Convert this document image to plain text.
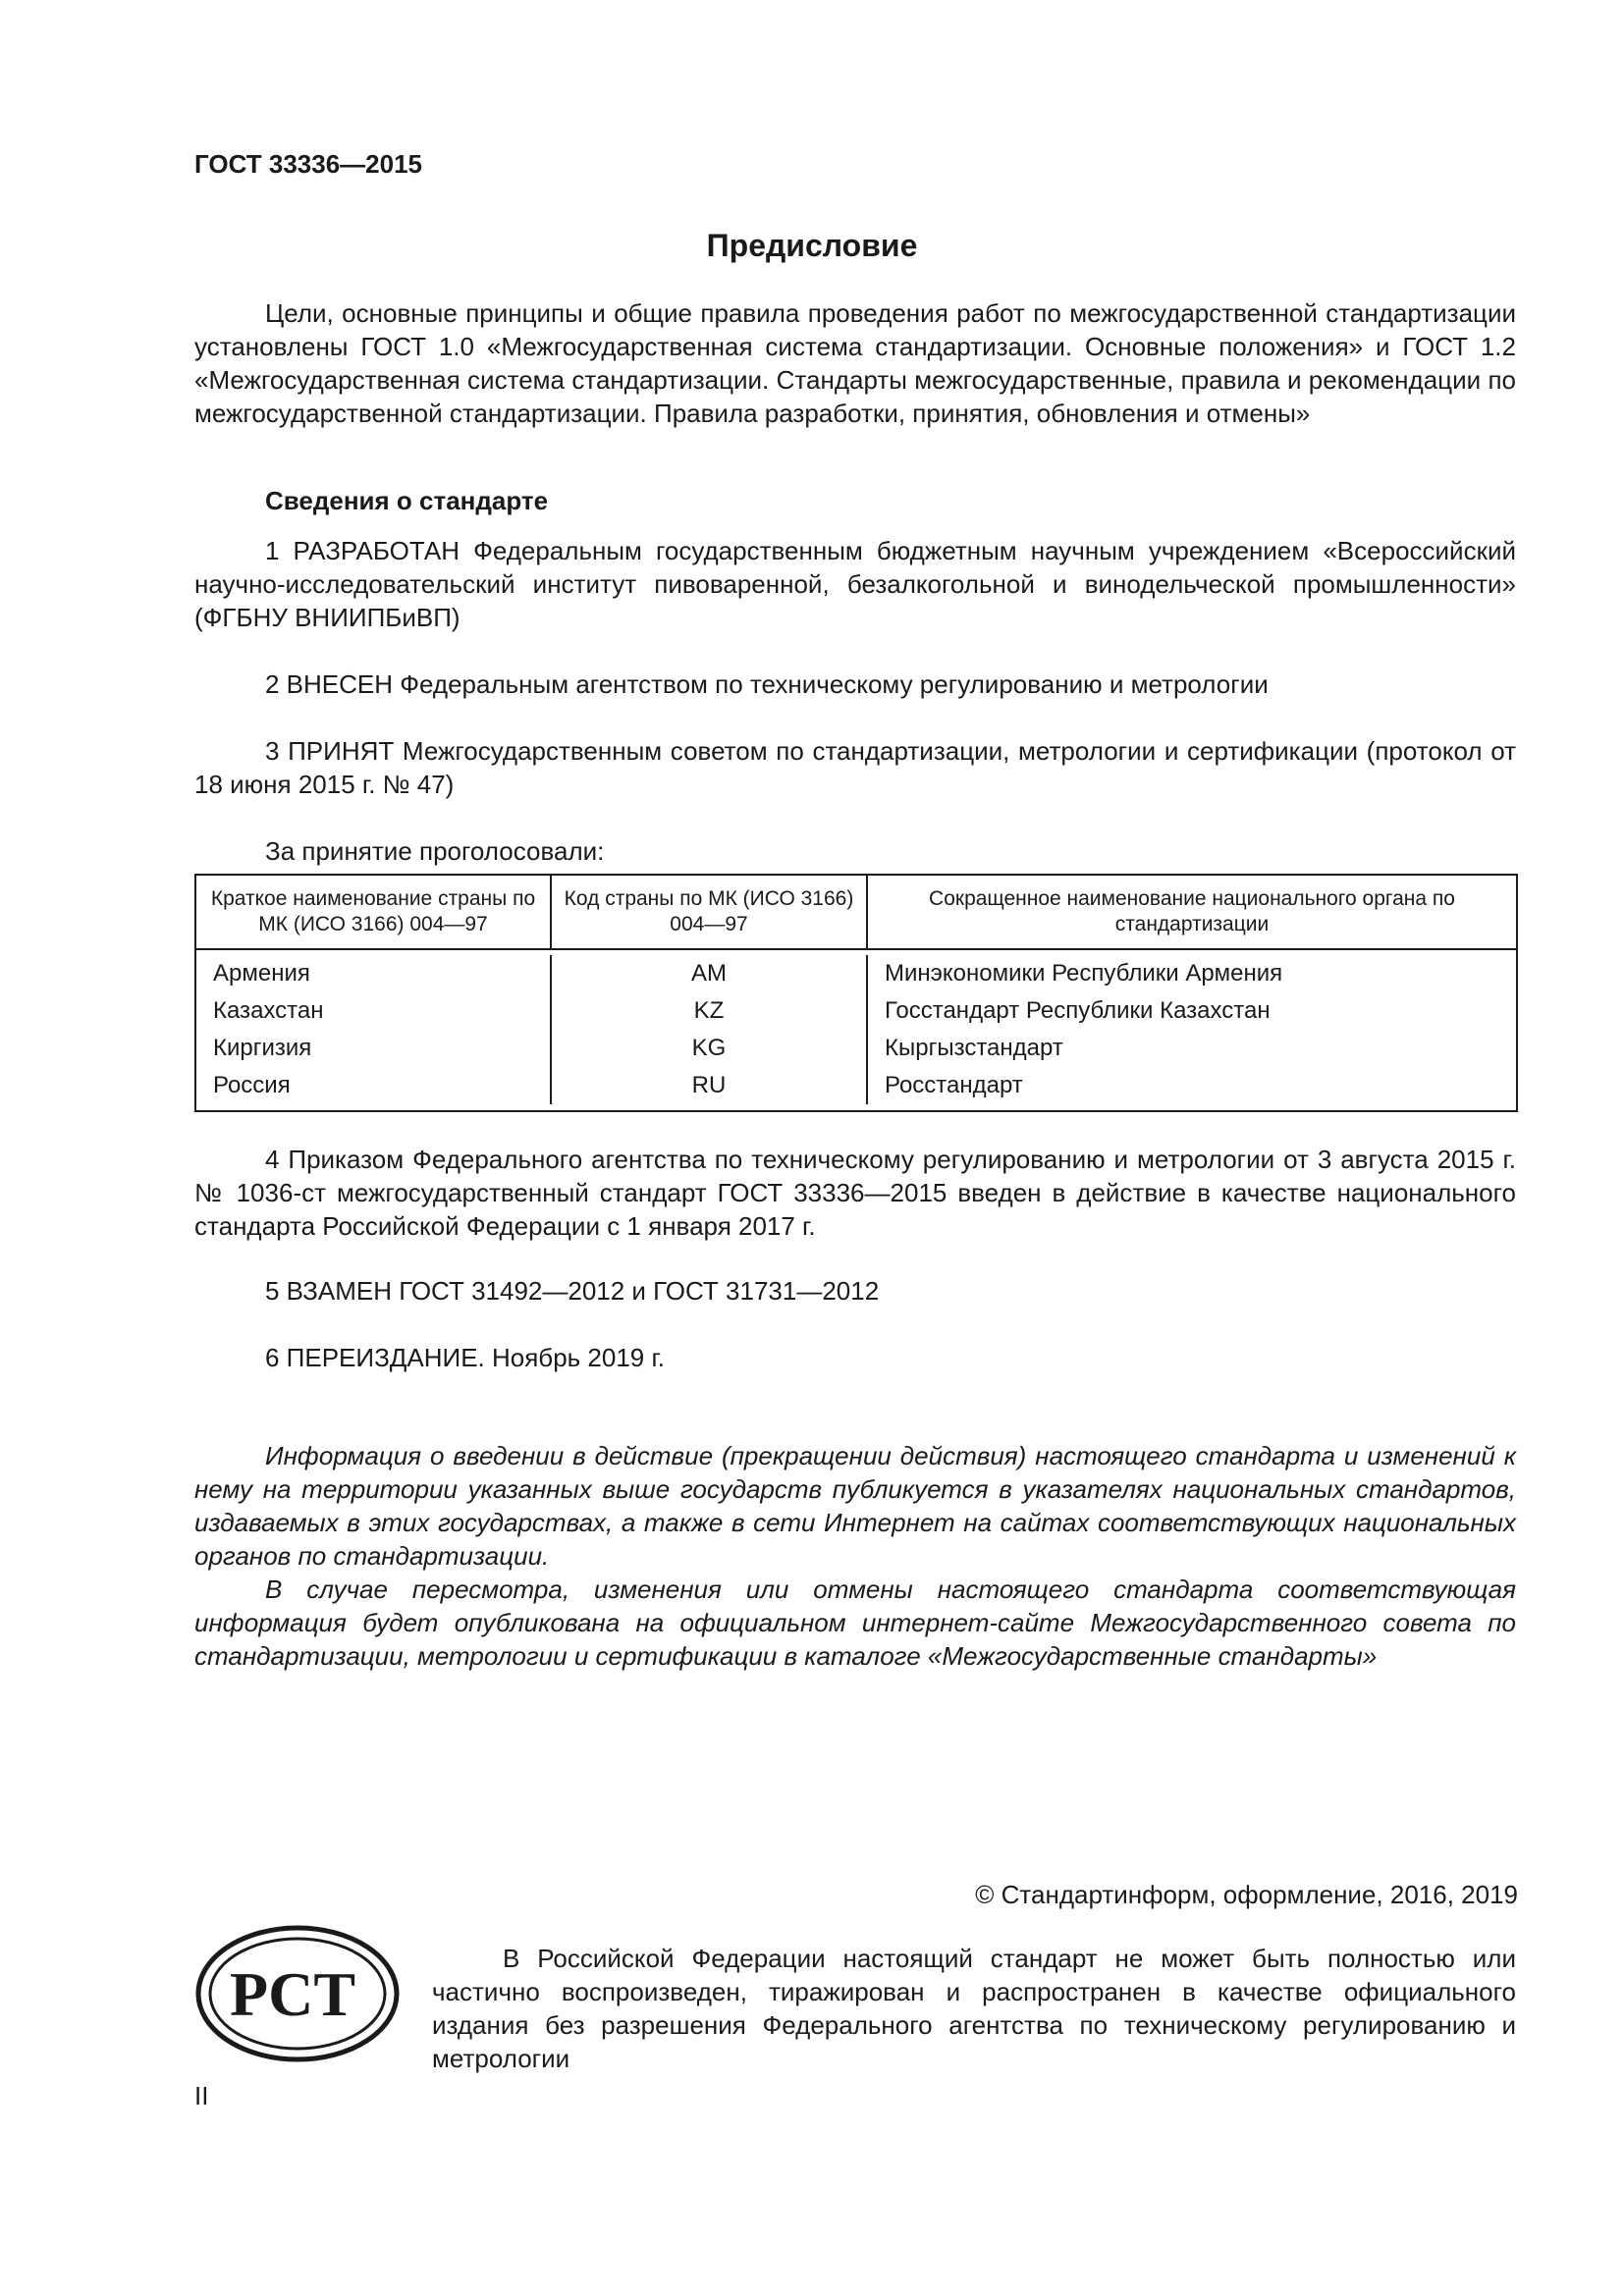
ГОСТ 33336—2015
Предисловие
Цели, основные принципы и общие правила проведения работ по межгосударственной стандартизации установлены ГОСТ 1.0 «Межгосударственная система стандартизации. Основные положения» и ГОСТ 1.2 «Межгосударственная система стандартизации. Стандарты межгосударственные, правила и рекомендации по межгосударственной стандартизации. Правила разработки, принятия, обновления и отмены»
Сведения о стандарте
1 РАЗРАБОТАН Федеральным государственным бюджетным научным учреждением «Всероссийский научно-исследовательский институт пивоваренной, безалкогольной и винодельческой промышленности» (ФГБНУ ВНИИПБиВП)
2 ВНЕСЕН Федеральным агентством по техническому регулированию и метрологии
3 ПРИНЯТ Межгосударственным советом по стандартизации, метрологии и сертификации (протокол от 18 июня 2015 г. № 47)
За принятие проголосовали:
Краткое наименование страны по МК (ИСО 3166) 004—97
Код страны по МК (ИСО 3166) 004—97
Сокращенное наименование национального органа по стандартизации
Армения
Казахстан
Киргизия
Россия
AM
KZ
KG
RU
Минэкономики Республики Армения
Госстандарт Республики Казахстан
Кыргызстандарт
Росстандарт
4 Приказом Федерального агентства по техническому регулированию и метрологии от 3 августа 2015 г. № 1036-ст межгосударственный стандарт ГОСТ 33336—2015 введен в действие в качестве национального стандарта Российской Федерации с 1 января 2017 г.
5 ВЗАМЕН ГОСТ 31492—2012 и ГОСТ 31731—2012
6 ПЕРЕИЗДАНИЕ. Ноябрь 2019 г.
Информация о введении в действие (прекращении действия) настоящего стандарта и изменений к нему на территории указанных выше государств публикуется в указателях национальных стандартов, издаваемых в этих государствах, а также в сети Интернет на сайтах соответствующих национальных органов по стандартизации.
В случае пересмотра, изменения или отмены настоящего стандарта соответствующая информация будет опубликована на официальном интернет-сайте Межгосударственного совета по стандартизации, метрологии и сертификации в каталоге «Межгосударственные стандарты»
© Стандартинформ, оформление, 2016, 2019
PCT
В Российской Федерации настоящий стандарт не может быть полностью или частично воспроизведен, тиражирован и распространен в качестве официального издания без разрешения Федерального агентства по техническому регулированию и метрологии
II
